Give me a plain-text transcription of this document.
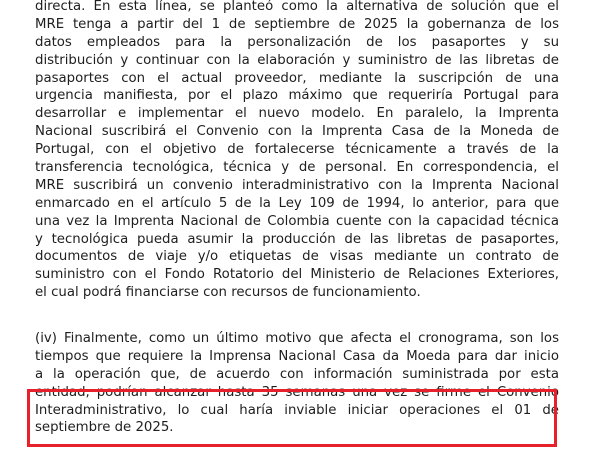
directa. En esta línea, se planteó como la alternativa de solución que el
MRE tenga a partir del 1 de septiembre de 2025 la gobernanza de los
datos empleados para la personalización de los pasaportes y su
distribución y continuar con la elaboración y suministro de las libretas de
pasaportes con el actual proveedor, mediante la suscripción de una
urgencia manifiesta, por el plazo máximo que requeriría Portugal para
desarrollar e implementar el nuevo modelo. En paralelo, la Imprenta
Nacional suscribirá el Convenio con la Imprenta Casa de la Moneda de
Portugal, con el objetivo de fortalecerse técnicamente a través de la
transferencia tecnológica, técnica y de personal. En correspondencia, el
MRE suscribirá un convenio interadministrativo con la Imprenta Nacional
enmarcado en el artículo 5 de la Ley 109 de 1994, lo anterior, para que
una vez la Imprenta Nacional de Colombia cuente con la capacidad técnica
y tecnológica pueda asumir la producción de las libretas de pasaportes,
documentos de viaje y/o etiquetas de visas mediante un contrato de
suministro con el Fondo Rotatorio del Ministerio de Relaciones Exteriores,
el cual podrá financiarse con recursos de funcionamiento.
(iv) Finalmente, como un último motivo que afecta el cronograma, son los
tiempos que requiere la Imprensa Nacional Casa da Moeda para dar inicio
a la operación que, de acuerdo con información suministrada por esta
entidad, podrían alcanzar hasta 35 semanas una vez se firme el Convenio
Interadministrativo, lo cual haría inviable iniciar operaciones el 01 de
septiembre de 2025.
